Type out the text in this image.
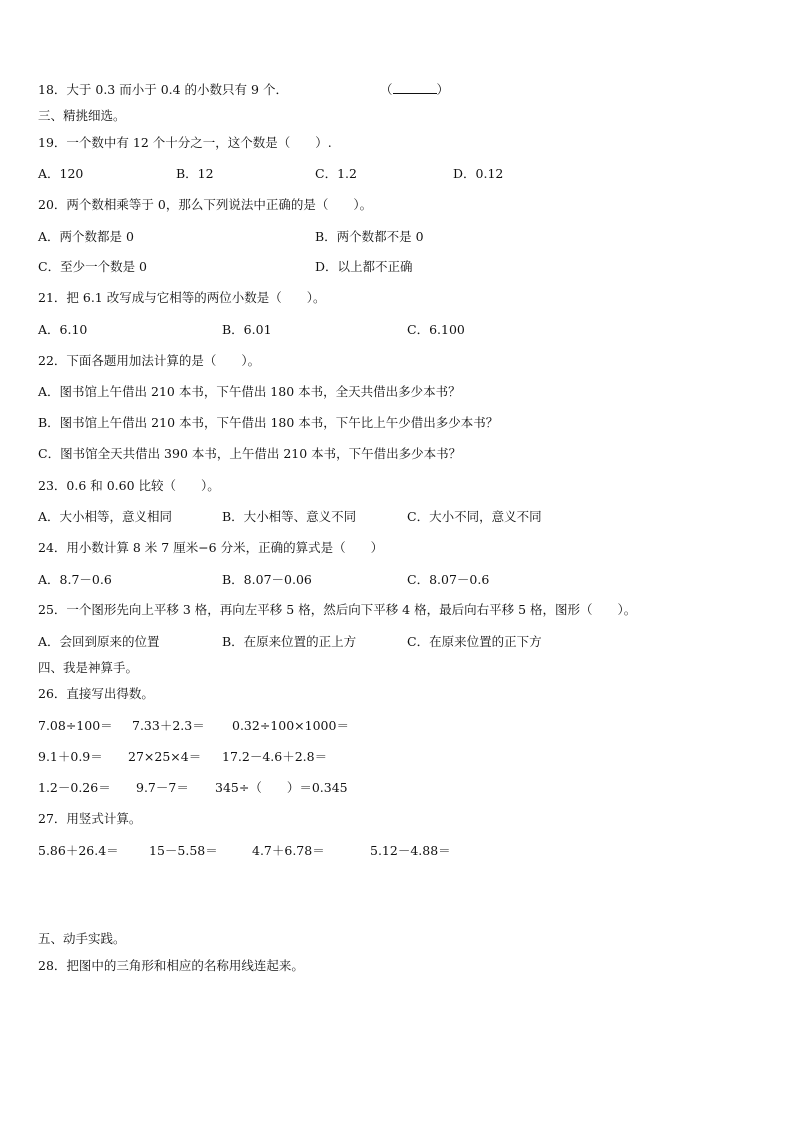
18．大于 0.3 而小于 0.4 的小数只有 9 个．	（	）
三、精挑细选。
19．一个数中有 12 个十分之一，这个数是（　　）.
A．120	B．12	C．1.2	D．0.12
20．两个数相乘等于 0，那么下列说法中正确的是（　　）。
A．两个数都是 0	B．两个数都不是 0
C．至少一个数是 0	D．以上都不正确
21．把 6.1 改写成与它相等的两位小数是（　　）。
A．6.10	B．6.01	C．6.100
22．下面各题用加法计算的是（　　）。
A．图书馆上午借出 210 本书，下午借出 180 本书，全天共借出多少本书？
B．图书馆上午借出 210 本书，下午借出 180 本书，下午比上午少借出多少本书？
C．图书馆全天共借出 390 本书，上午借出 210 本书，下午借出多少本书？
23．0.6 和 0.60 比较（　　）。
A．大小相等，意义相同	B．大小相等、意义不同	C．大小不同，意义不同
24．用小数计算 8 米 7 厘米−6 分米，正确的算式是（　　）
A．8.7－0.6	B．8.07－0.06	C．8.07－0.6
25．一个图形先向上平移 3 格，再向左平移 5 格，然后向下平移 4 格，最后向右平移 5 格，图形（　　）。
A．会回到原来的位置	B．在原来位置的正上方	C．在原来位置的正下方
四、我是神算手。
26．直接写出得数。
7.08÷100＝ 7.33＋2.3＝ 0.32÷100×1000＝
9.1＋0.9＝ 27×25×4＝ 17.2－4.6＋2.8＝
1.2－0.26＝ 9.7－7＝ 345÷（　　）＝0.345
27．用竖式计算。
5.86＋26.4＝ 15－5.58＝	4.7＋6.78＝	5.12－4.88＝
五、动手实践。
28．把图中的三角形和相应的名称用线连起来。
